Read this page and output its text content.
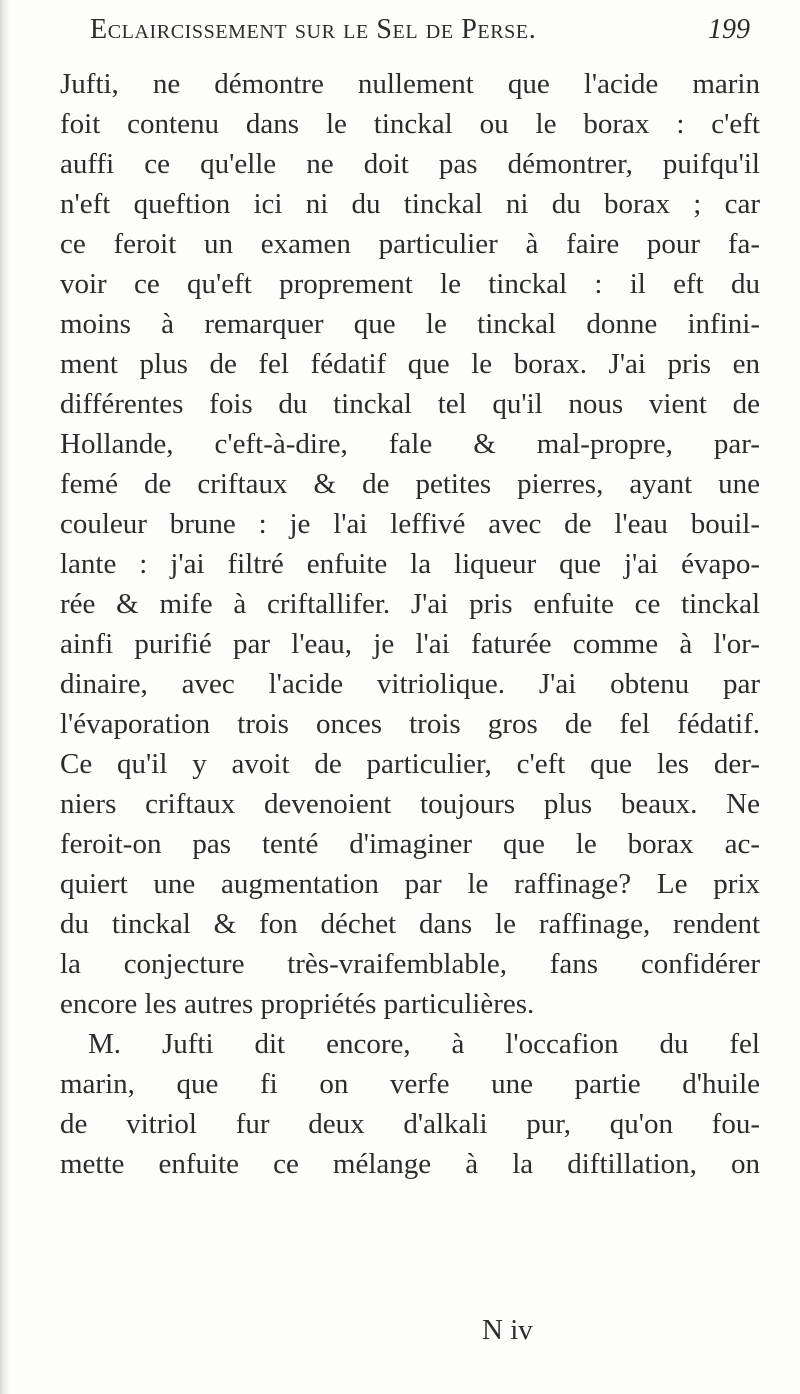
Eclaircissement sur le Sel de Perse.	199
Jufti, ne démontre nullement que l'acide marin
foit contenu dans le tinckal ou le borax : c'eft
auffi ce qu'elle ne doit pas démontrer, puifqu'il
n'eft queftion ici ni du tinckal ni du borax ; car
ce feroit un examen particulier à faire pour fa-
voir ce qu'eft proprement le tinckal : il eft du
moins à remarquer que le tinckal donne infini-
ment plus de fel fédatif que le borax. J'ai pris en
différentes fois du tinckal tel qu'il nous vient de
Hollande, c'eft-à-dire, fale & mal-propre, par-
femé de criftaux & de petites pierres, ayant une
couleur brune : je l'ai leffivé avec de l'eau bouil-
lante : j'ai filtré enfuite la liqueur que j'ai évapo-
rée & mife à criftallifer. J'ai pris enfuite ce tinckal
ainfi purifié par l'eau, je l'ai faturée comme à l'or-
dinaire, avec l'acide vitriolique. J'ai obtenu par
l'évaporation trois onces trois gros de fel fédatif.
Ce qu'il y avoit de particulier, c'eft que les der-
niers criftaux devenoient toujours plus beaux. Ne
feroit-on pas tenté d'imaginer que le borax ac-
quiert une augmentation par le raffinage? Le prix
du tinckal & fon déchet dans le raffinage, rendent
la conjecture très-vraifemblable, fans confidérer
encore les autres propriétés particulières.
M. Jufti dit encore, à l'occafion du fel
marin, que fi on verfe une partie d'huile
de vitriol fur deux d'alkali pur, qu'on fou-
mette enfuite ce mélange à la diftillation, on
N iv
